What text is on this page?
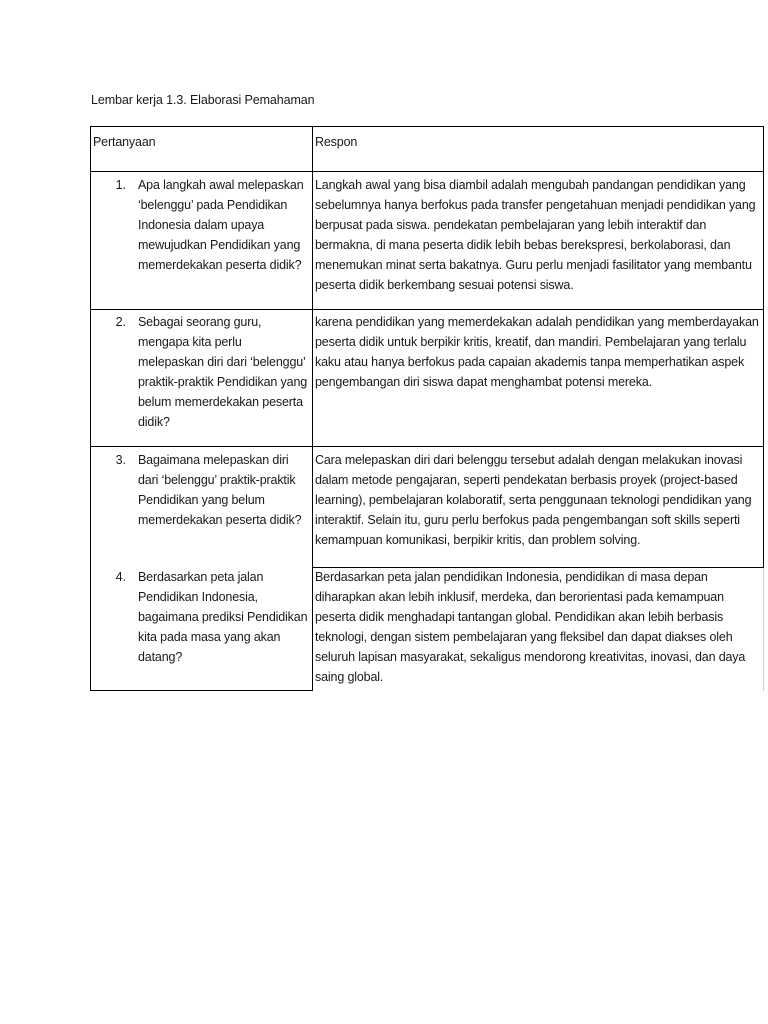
Lembar kerja 1.3. Elaborasi Pemahaman
Pertanyaan	Respon
1. Apa langkah awal melepaskan ‘belenggu’ pada Pendidikan Indonesia dalam upaya mewujudkan Pendidikan yang memerdekakan peserta didik?
Langkah awal yang bisa diambil adalah mengubah pandangan pendidikan yang sebelumnya hanya berfokus pada transfer pengetahuan menjadi pendidikan yang berpusat pada siswa. pendekatan pembelajaran yang lebih interaktif dan bermakna, di mana peserta didik lebih bebas berekspresi, berkolaborasi, dan menemukan minat serta bakatnya. Guru perlu menjadi fasilitator yang membantu peserta didik berkembang sesuai potensi siswa.
2. Sebagai seorang guru, mengapa kita perlu melepaskan diri dari ‘belenggu’ praktik-praktik Pendidikan yang belum memerdekakan peserta didik?
karena pendidikan yang memerdekakan adalah pendidikan yang memberdayakan peserta didik untuk berpikir kritis, kreatif, dan mandiri. Pembelajaran yang terlalu kaku atau hanya berfokus pada capaian akademis tanpa memperhatikan aspek pengembangan diri siswa dapat menghambat potensi mereka.
3. Bagaimana melepaskan diri dari ‘belenggu’ praktik-praktik Pendidikan yang belum memerdekakan peserta didik?
Cara melepaskan diri dari belenggu tersebut adalah dengan melakukan inovasi dalam metode pengajaran, seperti pendekatan berbasis proyek (project-based learning), pembelajaran kolaboratif, serta penggunaan teknologi pendidikan yang interaktif. Selain itu, guru perlu berfokus pada pengembangan soft skills seperti kemampuan komunikasi, berpikir kritis, dan problem solving.
4. Berdasarkan peta jalan Pendidikan Indonesia, bagaimana prediksi Pendidikan kita pada masa yang akan datang?
Berdasarkan peta jalan pendidikan Indonesia, pendidikan di masa depan diharapkan akan lebih inklusif, merdeka, dan berorientasi pada kemampuan peserta didik menghadapi tantangan global. Pendidikan akan lebih berbasis teknologi, dengan sistem pembelajaran yang fleksibel dan dapat diakses oleh seluruh lapisan masyarakat, sekaligus mendorong kreativitas, inovasi, dan daya saing global.
